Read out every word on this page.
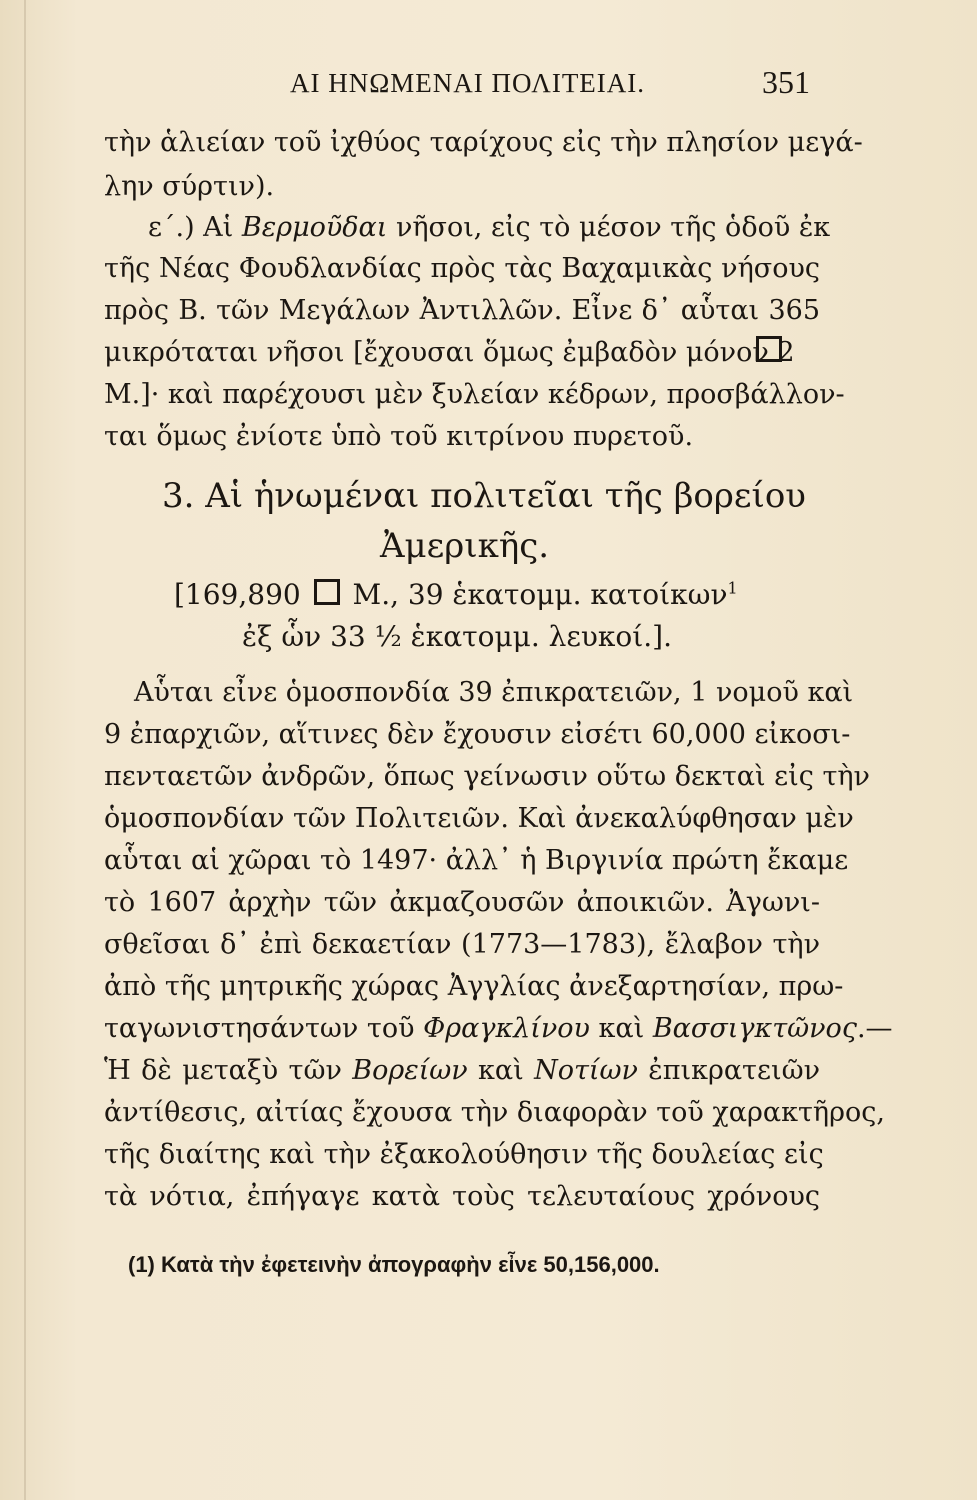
ΑΙ ΗΝΩΜΕΝΑΙ ΠΟΛΙΤΕΙΑΙ.	351
τὴν ἁλιείαν τοῦ ἰχθύος ταρίχους εἰς τὴν πλησίον μεγά-
λην σύρτιν).
ε΄.) Αἱ Βερμοῦδαι νῆσοι, εἰς τὸ μέσον τῆς ὁδοῦ ἐκ
τῆς Νέας Φουδλανδίας πρὸς τὰς Βαχαμικὰς νήσους
πρὸς Β. τῶν Μεγάλων Ἀντιλλῶν. Εἶνε δ᾽ αὗται 365
μικρόταται νῆσοι [ἔχουσαι ὅμως ἐμβαδὸν μόνον 2
Μ.]· καὶ παρέχουσι μὲν ξυλείαν κέδρων, προσβάλλον-
ται ὅμως ἐνίοτε ὑπὸ τοῦ κιτρίνου πυρετοῦ.
3. Αἱ ἡνωμέναι πολιτεῖαι τῆς βορείου
Ἀμερικῆς.
[169,890 Μ., 39 ἑκατομμ. κατοίκων$^1$
ἐξ ὧν 33 ½ ἑκατομμ. λευκοί.].
Αὗται εἶνε ὁμοσπονδία 39 ἐπικρατειῶν, 1 νομοῦ καὶ
9 ἐπαρχιῶν, αἵτινες δὲν ἔχουσιν εἰσέτι 60,000 εἰκοσι-
πενταετῶν ἀνδρῶν, ὅπως γείνωσιν οὕτω δεκταὶ εἰς τὴν
ὁμοσπονδίαν τῶν Πολιτειῶν. Καὶ ἀνεκαλύφθησαν μὲν
αὗται αἱ χῶραι τὸ 1497· ἀλλ᾽ ἡ Βιργινία πρώτη ἔκαμε
τὸ 1607 ἀρχὴν τῶν ἀκμαζουσῶν ἀποικιῶν. Ἀγωνι-
σθεῖσαι δ᾽ ἐπὶ δεκαετίαν (1773—1783), ἔλαβον τὴν
ἀπὸ τῆς μητρικῆς χώρας Ἀγγλίας ἀνεξαρτησίαν, πρω-
ταγωνιστησάντων τοῦ Φραγκλίνου καὶ Βασσιγκτῶνος.—
Ἡ δὲ μεταξὺ τῶν Βορείων καὶ Νοτίων ἐπικρατειῶν
ἀντίθεσις, αἰτίας ἔχουσα τὴν διαφορὰν τοῦ χαρακτῆρος,
τῆς διαίτης καὶ τὴν ἐξακολούθησιν τῆς δουλείας εἰς
τὰ νότια, ἐπήγαγε κατὰ τοὺς τελευταίους χρόνους
(1) Κατὰ τὴν ἐφετεινὴν ἀπογραφὴν εἶνε 50,156,000.
